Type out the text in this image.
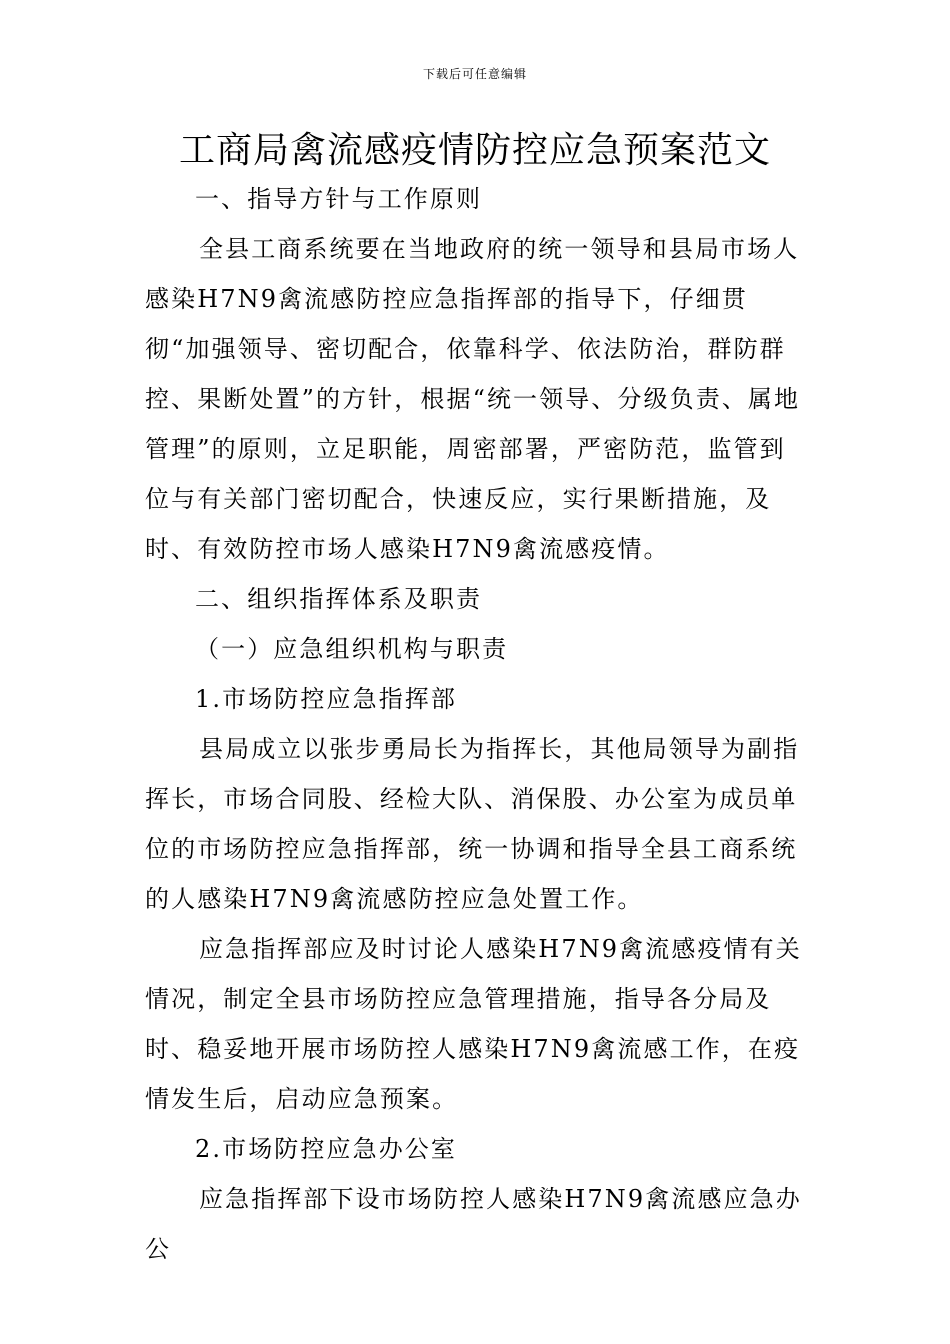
下载后可任意编辑
工商局禽流感疫情防控应急预案范文

一、指导方针与工作原则

全县工商系统要在当地政府的统一领导和县局市场人感染H7N9禽流感防控应急指挥部的指导下，仔细贯彻“加强领导、密切配合，依靠科学、依法防治，群防群控、果断处置”的方针，根据“统一领导、分级负责、属地管理”的原则，立足职能，周密部署，严密防范，监管到位与有关部门密切配合，快速反应，实行果断措施，及时、有效防控市场人感染H7N9禽流感疫情。

二、组织指挥体系及职责

（一）应急组织机构与职责

1.市场防控应急指挥部

县局成立以张步勇局长为指挥长，其他局领导为副指挥长，市场合同股、经检大队、消保股、办公室为成员单位的市场防控应急指挥部，统一协调和指导全县工商系统的人感染H7N9禽流感防控应急处置工作。

应急指挥部应及时讨论人感染H7N9禽流感疫情有关情况，制定全县市场防控应急管理措施，指导各分局及时、稳妥地开展市场防控人感染H7N9禽流感工作，在疫情发生后，启动应急预案。

2.市场防控应急办公室

应急指挥部下设市场防控人感染H7N9禽流感应急办公
